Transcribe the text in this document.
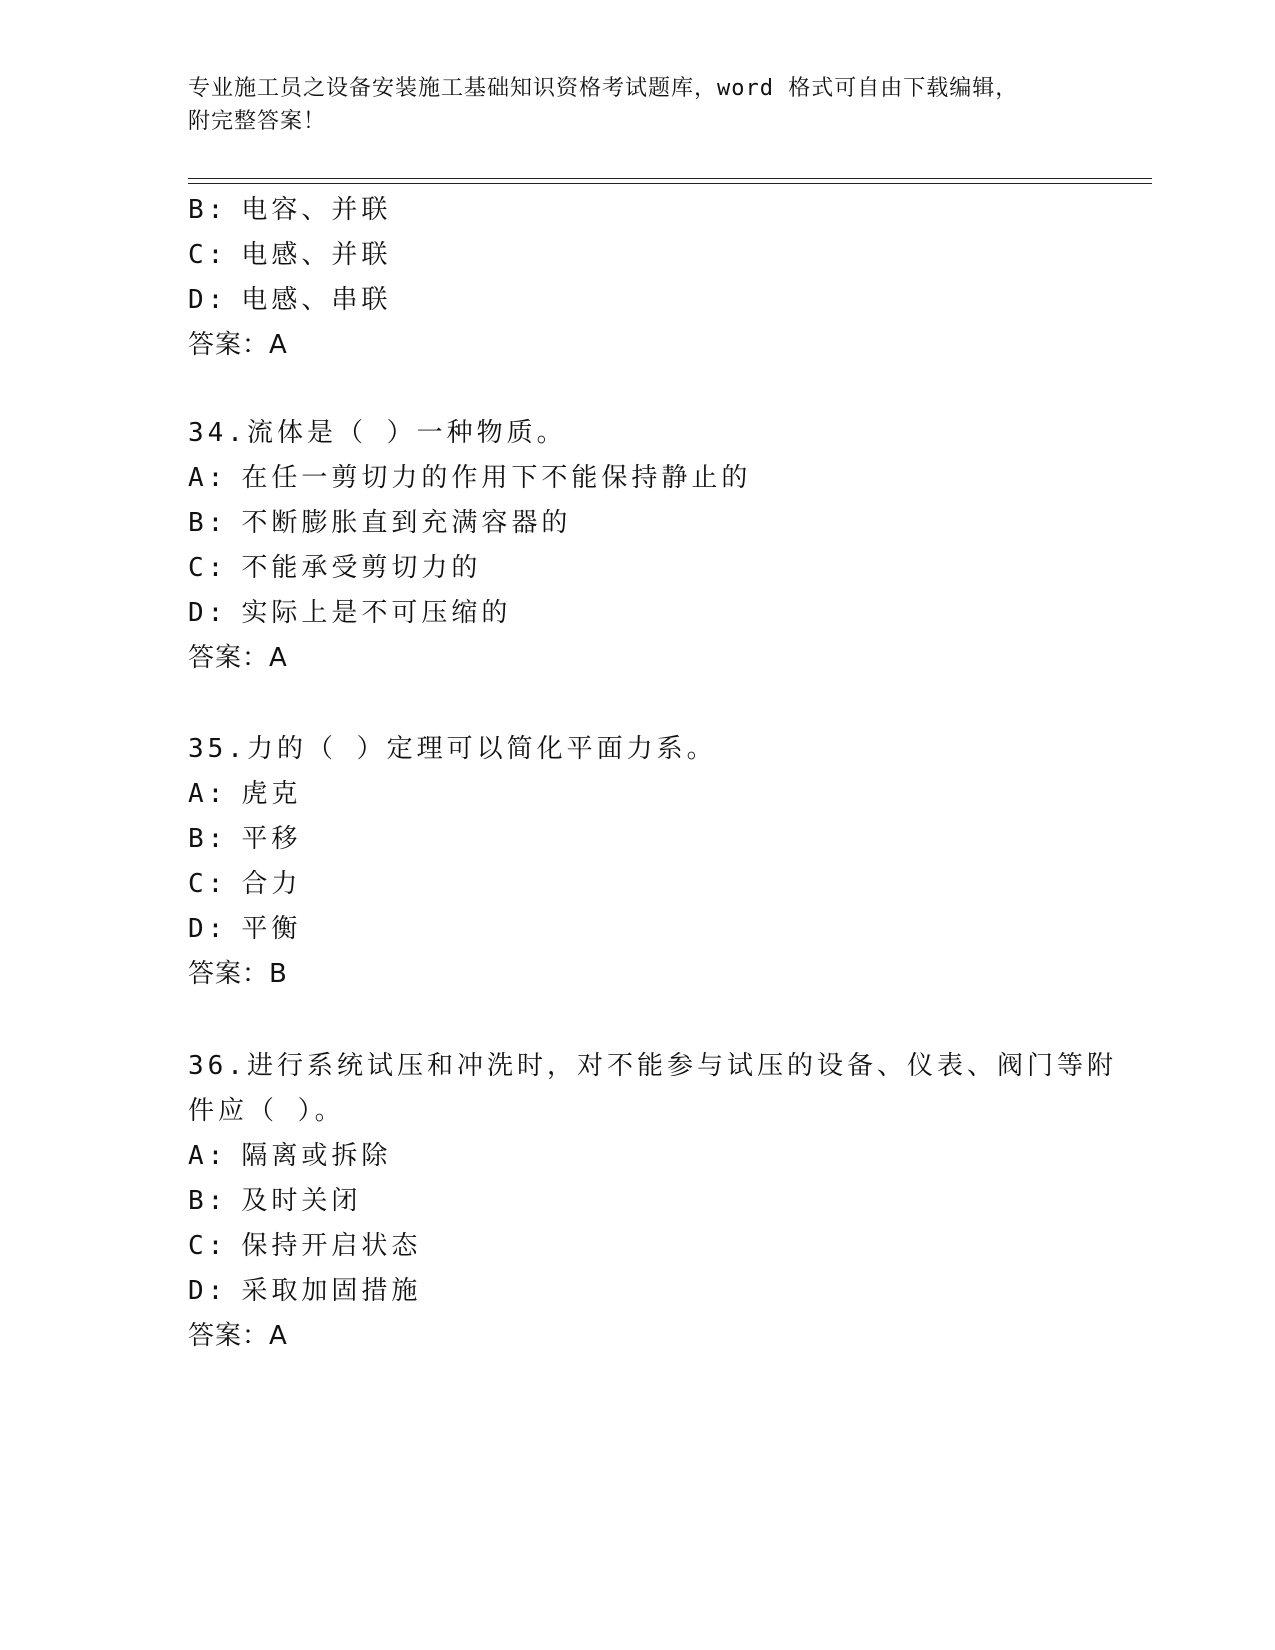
专业施工员之设备安装施工基础知识资格考试题库，word 格式可自由下载编辑，
附完整答案！
B: 电容、并联
C: 电感、并联
D: 电感、串联
答案：A
34.流体是（ ）一种物质。
A: 在任一剪切力的作用下不能保持静止的
B: 不断膨胀直到充满容器的
C: 不能承受剪切力的
D: 实际上是不可压缩的
答案：A
35.力的（ ）定理可以简化平面力系。
A: 虎克
B: 平移
C: 合力
D: 平衡
答案：B
36.进行系统试压和冲洗时，对不能参与试压的设备、仪表、阀门等附
件应（ ）。
A: 隔离或拆除
B: 及时关闭
C: 保持开启状态
D: 采取加固措施
答案：A
